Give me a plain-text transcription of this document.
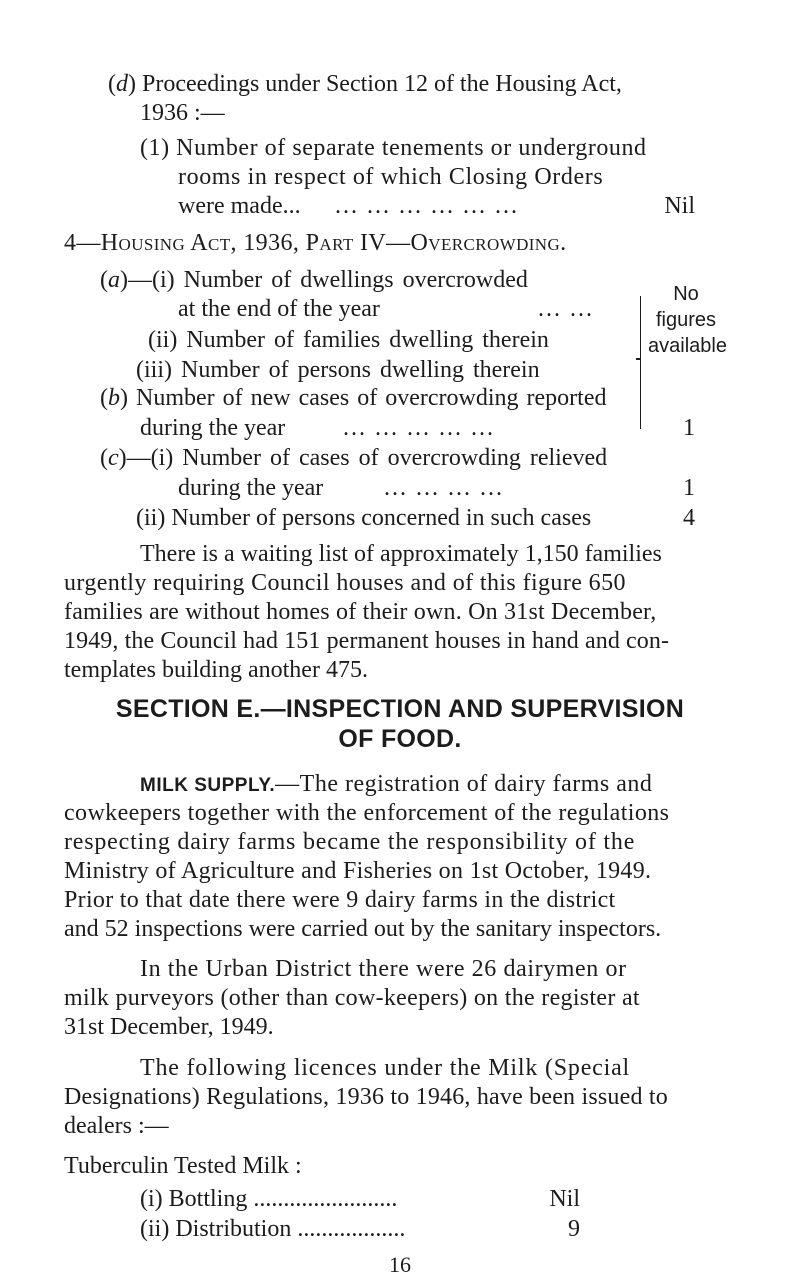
(d) Proceedings under Section 12 of the Housing Act,
1936 :—
(1) Number of separate tenements or underground
rooms in respect of which Closing Orders
were made... ... ... ... ... ... ...	Nil
4—Housing Act, 1936, Part IV—Overcrowding.
(a)—(i) Number of dwellings overcrowded
at the end of the year	... ...
(ii) Number of families dwelling therein
(iii) Number of persons dwelling therein
No
figures
available
(b) Number of new cases of overcrowding reported
during the year ... ... ... ... ...	1
(c)—(i) Number of cases of overcrowding relieved
during the year	... ... ... ...	1
(ii) Number of persons concerned in such cases	4
There is a waiting list of approximately 1,150 families
urgently requiring Council houses and of this figure 650
families are without homes of their own. On 31st December,
1949, the Council had 151 permanent houses in hand and con-
templates building another 475.
SECTION E.—INSPECTION AND SUPERVISION
OF FOOD.
MILK SUPPLY.—The registration of dairy farms and
cowkeepers together with the enforcement of the regulations
respecting dairy farms became the responsibility of the
Ministry of Agriculture and Fisheries on 1st October, 1949.
Prior to that date there were 9 dairy farms in the district
and 52 inspections were carried out by the sanitary inspectors.
In the Urban District there were 26 dairymen or
milk purveyors (other than cow-keepers) on the register at
31st December, 1949.
The following licences under the Milk (Special
Designations) Regulations, 1936 to 1946, have been issued to
dealers :—
Tuberculin Tested Milk :
(i) Bottling ........................	Nil
(ii) Distribution ..................	9
16
